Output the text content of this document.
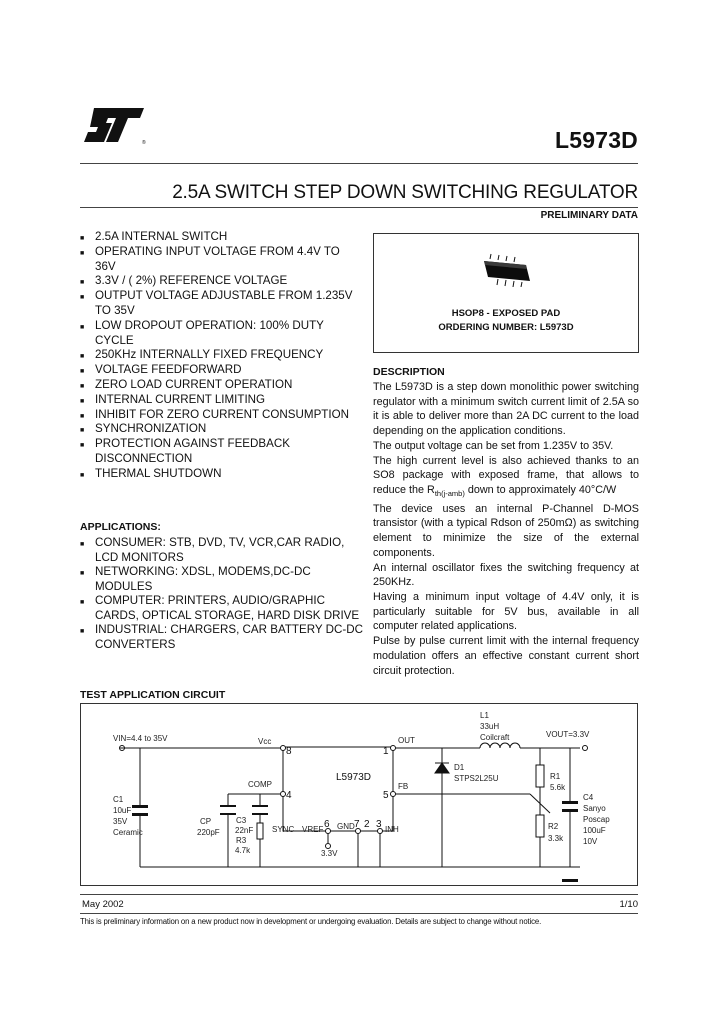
®	L5973D
2.5A SWITCH STEP DOWN SWITCHING REGULATOR
PRELIMINARY DATA
■ 2.5A INTERNAL SWITCH
■ OPERATING INPUT VOLTAGE FROM 4.4V TO 36V
■ 3.3V / ( 2%) REFERENCE VOLTAGE
■ OUTPUT VOLTAGE ADJUSTABLE FROM 1.235V TO 35V
■ LOW DROPOUT OPERATION: 100% DUTY CYCLE
■ 250KHz INTERNALLY FIXED FREQUENCY
■ VOLTAGE FEEDFORWARD
■ ZERO LOAD CURRENT OPERATION
■ INTERNAL CURRENT LIMITING
■ INHIBIT FOR ZERO CURRENT CONSUMPTION
■ SYNCHRONIZATION
■ PROTECTION AGAINST FEEDBACK DISCONNECTION
■ THERMAL SHUTDOWN
HSOP8 - EXPOSED PAD
ORDERING NUMBER: L5973D
DESCRIPTION

The L5973D is a step down monolithic power switching regulator with a minimum switch current limit of 2.5A so it is able to deliver more than 2A DC current to the load depending on the application conditions.

The output voltage can be set from 1.235V to 35V.

The high current level is also achieved thanks to an SO8 package with exposed frame, that allows to reduce the $R_{th(j-amb)}$ down to approximately 40°C/W

The device uses an internal P-Channel D-MOS transistor (with a typical Rdson of 250mΩ) as switching element to minimize the size of the external components.

An internal oscillator fixes the switching frequency at 250KHz.

Having a minimum input voltage of 4.4V only, it is particularly suitable for 5V bus, available in all computer related applications.

Pulse by pulse current limit with the internal frequency modulation offers an effective constant current short circuit protection.

APPLICATIONS:
■ CONSUMER: STB, DVD, TV, VCR,CAR RADIO, LCD MONITORS
■ NETWORKING: XDSL, MODEMS,DC-DC MODULES
■ COMPUTER: PRINTERS, AUDIO/GRAPHIC CARDS, OPTICAL STORAGE, HARD DISK DRIVE
■ INDUSTRIAL: CHARGERS, CAR BATTERY DC-DC CONVERTERS
TEST APPLICATION CIRCUIT
L5973D
VIN=4.4 to 35V	Vcc
8
OUT
1
COMP
4
FB
5
6 7 2 3
SYNC VREF GND	INH
3.3V
C1
10uF
35V
Ceramic
CP
220pF
C3
22nF
R3
4.7k
L1
33uH
Coilcraft
D1
STPS2L25U
VOUT=3.3V
R1
5.6k
R2
3.3k
C4
Sanyo
Poscap
100uF
10V
May 2002	1/10
This is preliminary information on a new product now in development or undergoing evaluation. Details are subject to change without notice.
